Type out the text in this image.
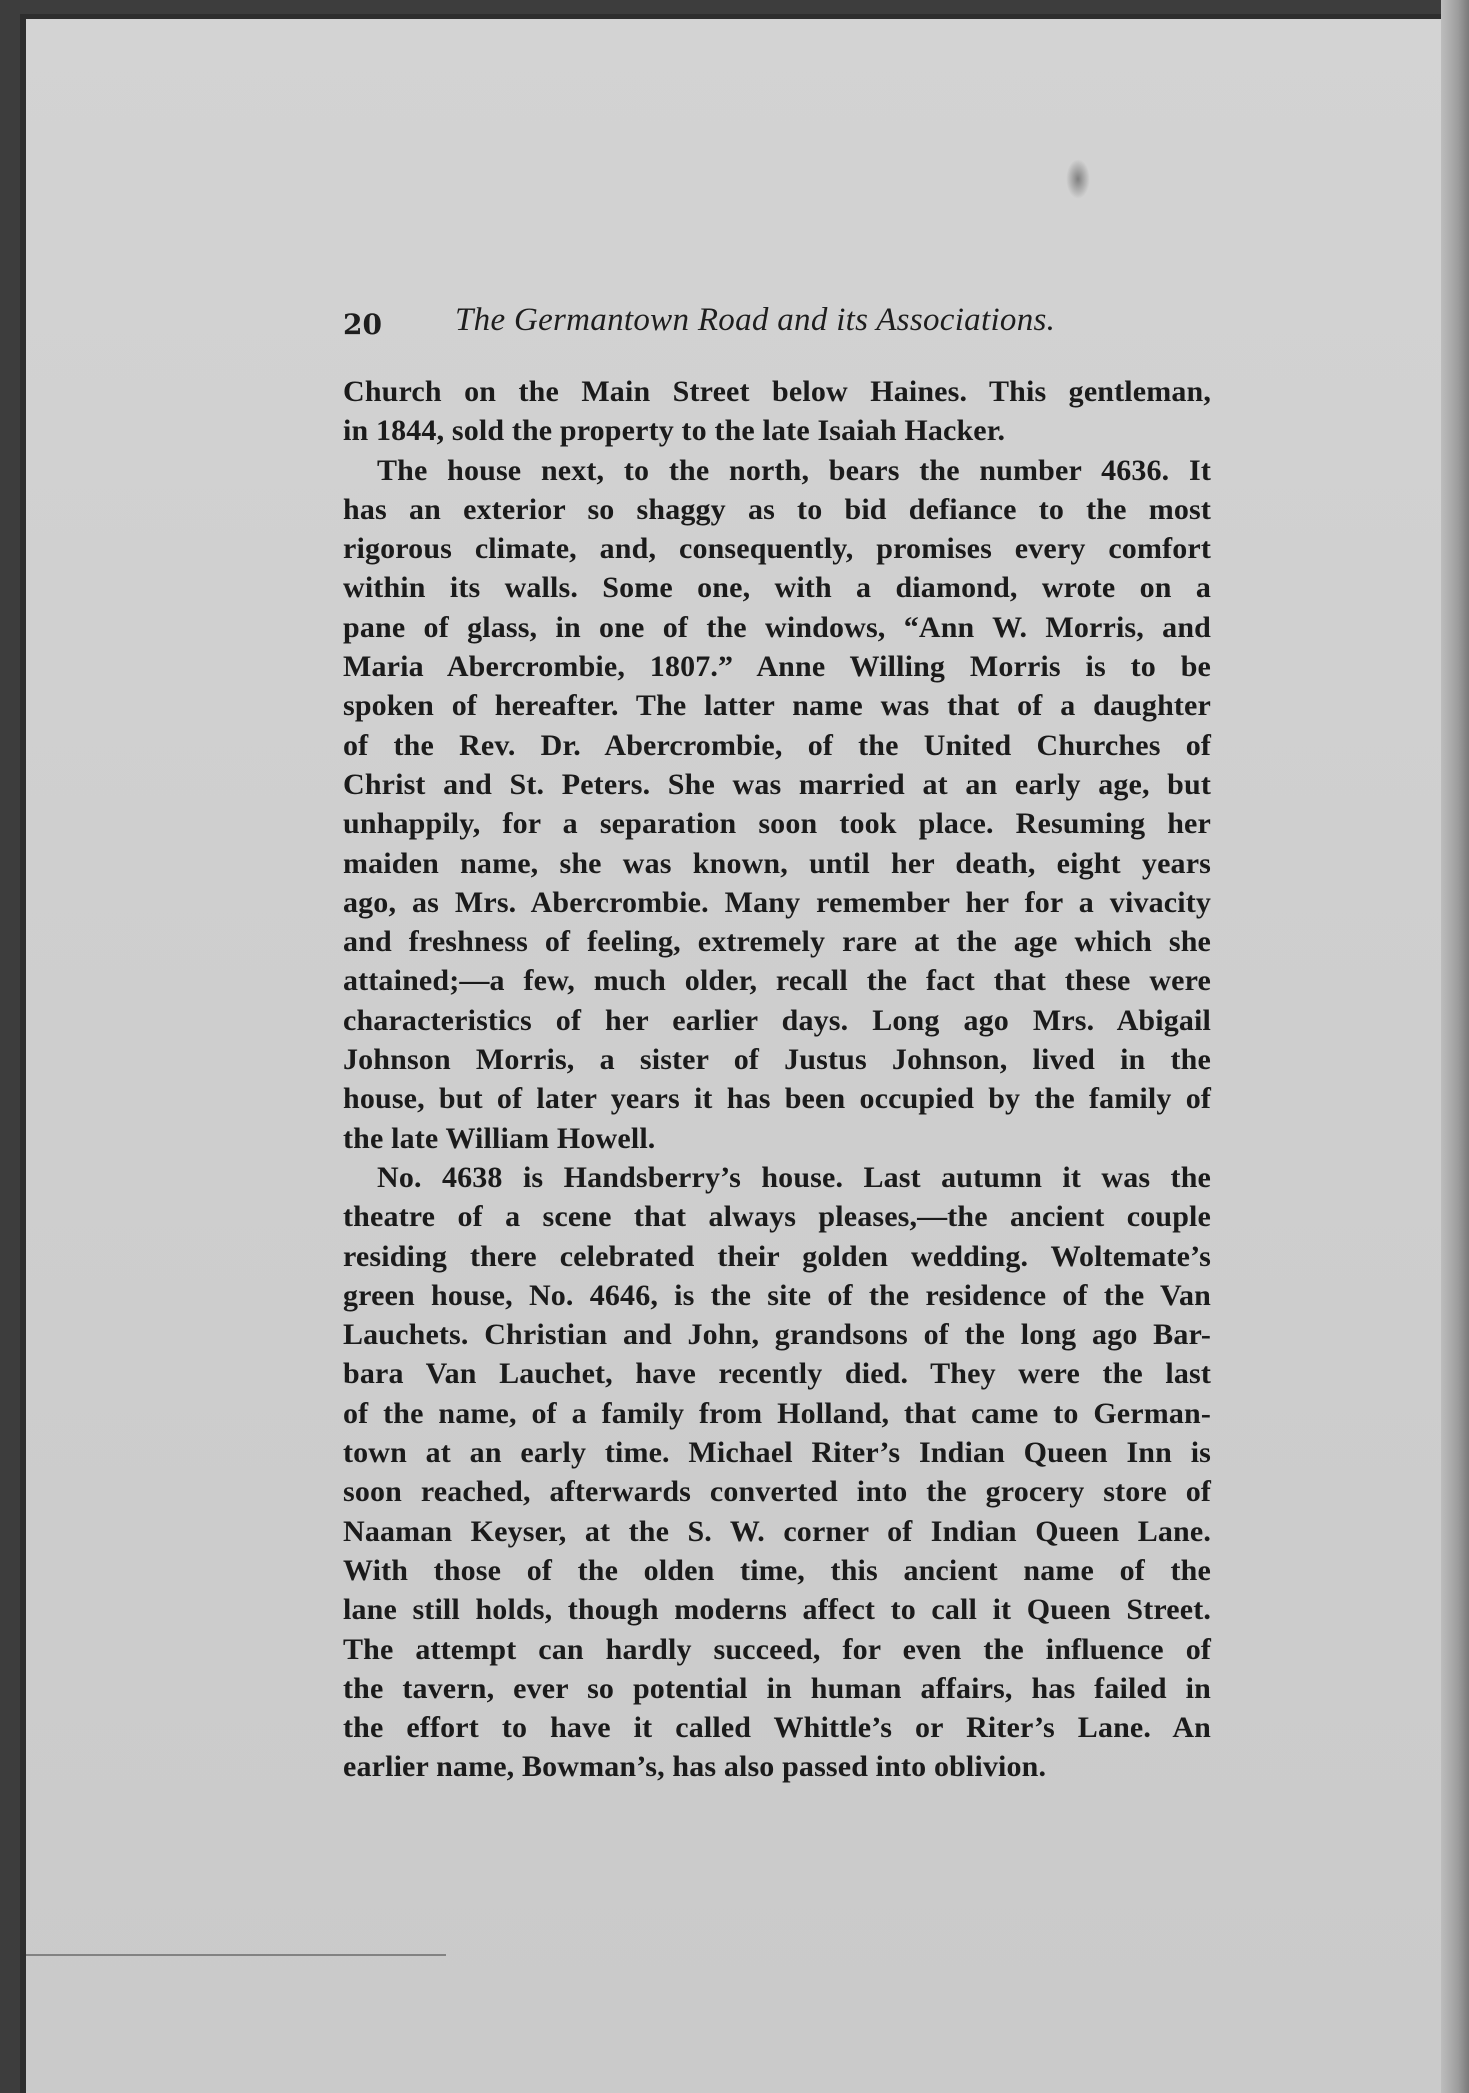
20 The Germantown Road and its Associations.
Church on the Main Street below Haines. This gentleman,
in 1844, sold the property to the late Isaiah Hacker.
The house next, to the north, bears the number 4636. It
has an exterior so shaggy as to bid defiance to the most
rigorous climate, and, consequently, promises every comfort
within its walls. Some one, with a diamond, wrote on a
pane of glass, in one of the windows, “Ann W. Morris, and
Maria Abercrombie, 1807.” Anne Willing Morris is to be
spoken of hereafter. The latter name was that of a daughter
of the Rev. Dr. Abercrombie, of the United Churches of
Christ and St. Peters. She was married at an early age, but
unhappily, for a separation soon took place. Resuming her
maiden name, she was known, until her death, eight years
ago, as Mrs. Abercrombie. Many remember her for a vivacity
and freshness of feeling, extremely rare at the age which she
attained;—a few, much older, recall the fact that these were
characteristics of her earlier days. Long ago Mrs. Abigail
Johnson Morris, a sister of Justus Johnson, lived in the
house, but of later years it has been occupied by the family of
the late William Howell.
No. 4638 is Handsberry’s house. Last autumn it was the
theatre of a scene that always pleases,—the ancient couple
residing there celebrated their golden wedding. Woltemate’s
green house, No. 4646, is the site of the residence of the Van
Lauchets. Christian and John, grandsons of the long ago Bar-
bara Van Lauchet, have recently died. They were the last
of the name, of a family from Holland, that came to German-
town at an early time. Michael Riter’s Indian Queen Inn is
soon reached, afterwards converted into the grocery store of
Naaman Keyser, at the S. W. corner of Indian Queen Lane.
With those of the olden time, this ancient name of the
lane still holds, though moderns affect to call it Queen Street.
The attempt can hardly succeed, for even the influence of
the tavern, ever so potential in human affairs, has failed in
the effort to have it called Whittle’s or Riter’s Lane. An
earlier name, Bowman’s, has also passed into oblivion.
